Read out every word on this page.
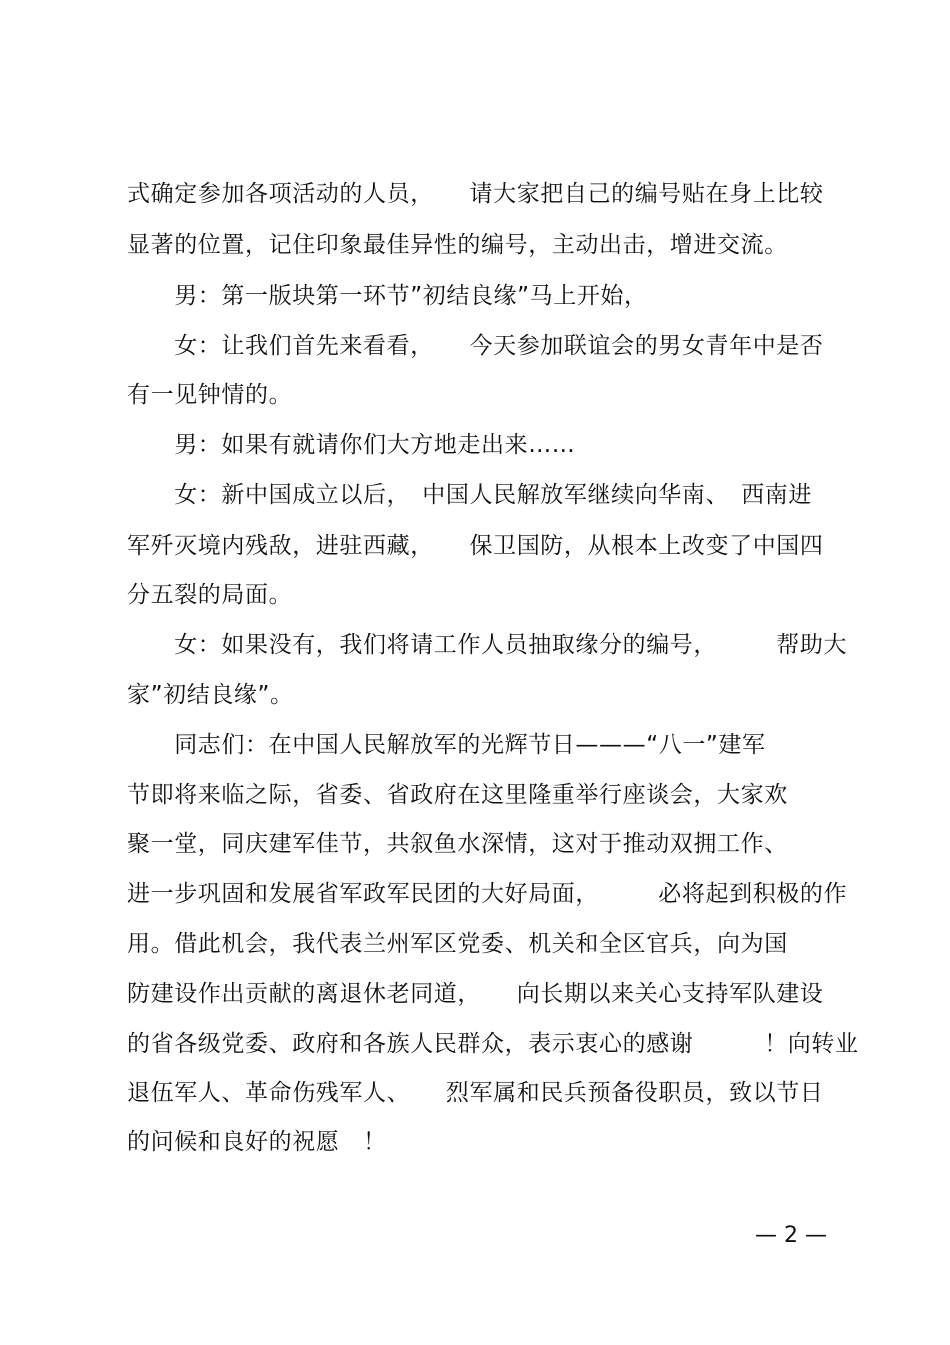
式确定参加各项活动的人员，　　请大家把自己的编号贴在身上比较
显著的位置，记住印象最佳异性的编号，主动出击，增进交流。
　　男：第一版块第一环节”初结良缘”马上开始，
　　女：让我们首先来看看，　　今天参加联谊会的男女青年中是否
有一见钟情的。
　　男：如果有就请你们大方地走出来……
　　女：新中国成立以后，　中国人民解放军继续向华南、　西南进
军歼灭境内残敌，进驻西藏，　　保卫国防，从根本上改变了中国四
分五裂的局面。
　　女：如果没有，我们将请工作人员抽取缘分的编号，　　　帮助大
家”初结良缘”。
　　同志们：在中国人民解放军的光辉节日———“八一”建军
节即将来临之际，省委、省政府在这里隆重举行座谈会，大家欢
聚一堂，同庆建军佳节，共叙鱼水深情，这对于推动双拥工作、
进一步巩固和发展省军政军民团的大好局面，　　　必将起到积极的作
用。借此机会，我代表兰州军区党委、机关和全区官兵，向为国
防建设作出贡献的离退休老同道，　　向长期以来关心支持军队建设
的省各级党委、政府和各族人民群众，表示衷心的感谢　　　！向转业
退伍军人、革命伤残军人、　　烈军属和民兵预备役职员，致以节日
的问候和良好的祝愿　！
— 2 —
